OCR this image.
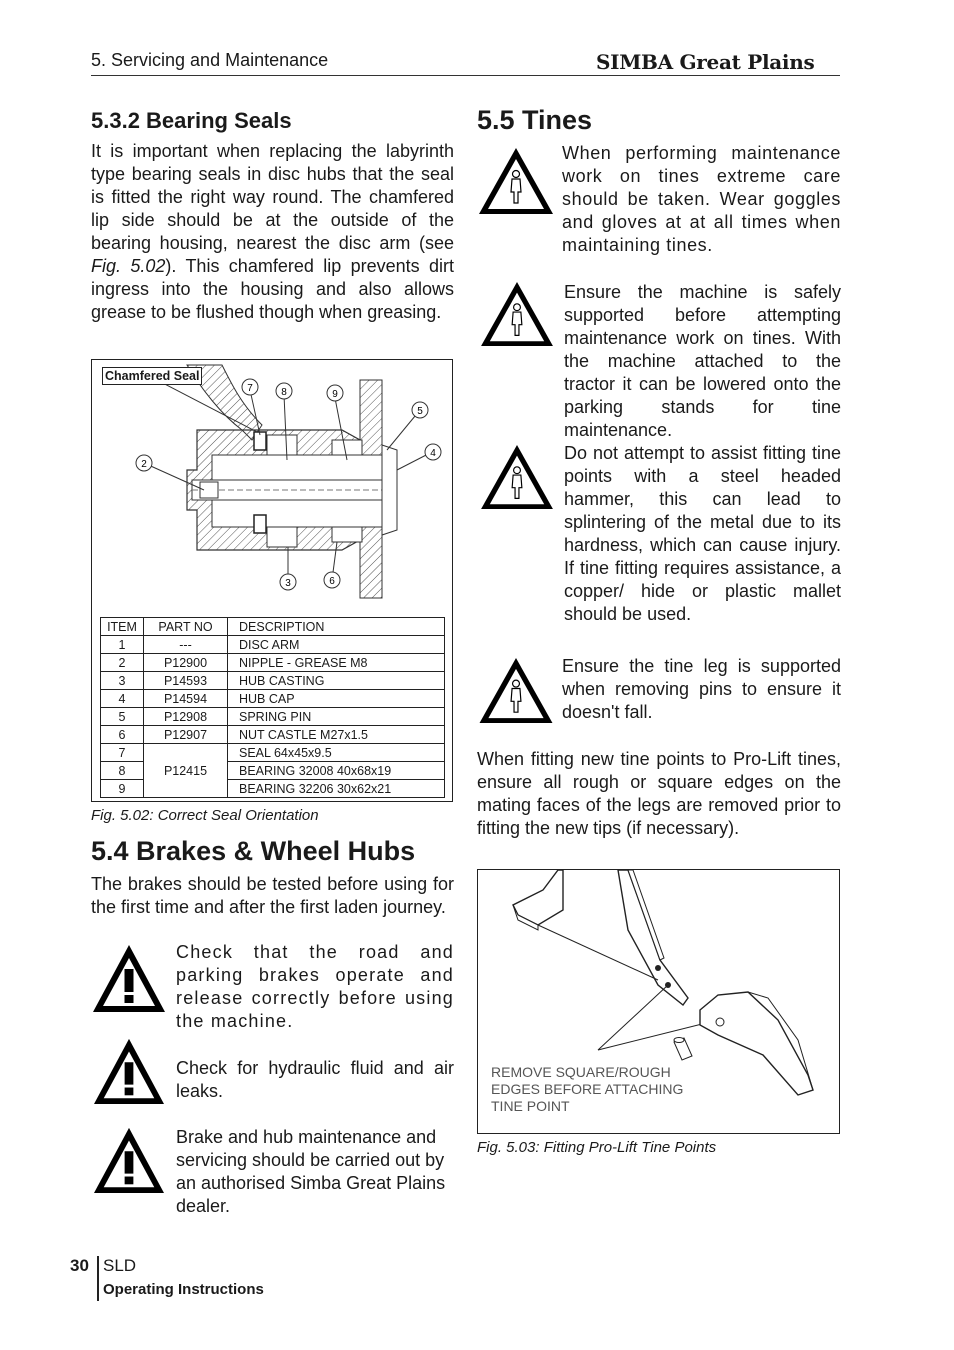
5. Servicing and Maintenance	SIMBA Great Plains
5.3.2 Bearing Seals

It is important when replacing the labyrinth type bearing seals in disc hubs that the seal is fitted the right way round. The chamfered lip side should be at the outside of the bearing housing, nearest the disc arm (see Fig. 5.02). This chamfered lip prevents dirt ingress into the housing and also allows grease to be flushed though when greasing.

7	8	9
5
4
2
3	6
Chamfered Seal
ITEM	PART NO	DESCRIPTION
1	---	DISC ARM
2	P12900	NIPPLE - GREASE M8
3	P14593	HUB CASTING
4	P14594	HUB CAP
5	P12908	SPRING PIN
6	P12907	NUT CASTLE M27x1.5
7	P12415	SEAL 64x45x9.5
8		BEARING 32008 40x68x19
9		BEARING 32206 30x62x21
Fig. 5.02: Correct Seal Orientation
5.4 Brakes & Wheel Hubs

The brakes should be tested before using for the first time and after the first laden journey.

Check that the road and parking brakes operate and release correctly before using the machine.

Check for hydraulic fluid and air leaks.

Brake and hub maintenance and servicing should be carried out by an authorised Simba Great Plains dealer.

5.5 Tines

When performing maintenance work on tines extreme care should be taken. Wear goggles and gloves at at all times when maintaining tines.

Ensure the machine is safely supported before attempting maintenance work on tines. With the machine attached to the tractor it can be lowered onto the parking stands for tine maintenance.

Do not attempt to assist fitting tine points with a steel headed hammer, this can lead to splintering of the metal due to its hardness, which can cause injury. If tine fitting requires assistance, a copper/ hide or plastic mallet should be used.

Ensure the tine leg is supported when removing pins to ensure it doesn't fall.

When fitting new tine points to Pro-Lift tines, ensure all rough or square edges on the mating faces of the legs are removed prior to fitting the new tips (if necessary).

REMOVE SQUARE/ROUGH
EDGES BEFORE ATTACHING
TINE POINT
Fig. 5.03: Fitting Pro-Lift Tine Points
30 SLD
Operating Instructions
